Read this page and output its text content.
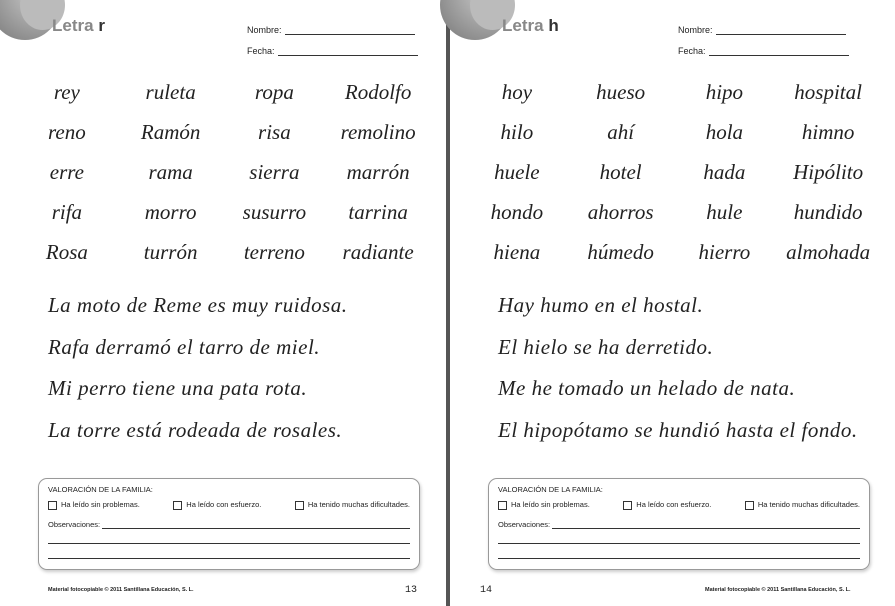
Letra r	Nombre:
Fecha:
rey	ruleta	ropa	Rodolfo
reno	Ramón	risa	remolino
erre	rama	sierra	marrón
rifa	morro	susurro	tarrina
Rosa	turrón	terreno	radiante
La moto de Reme es muy ruidosa.
Rafa derramó el tarro de miel.
Mi perro tiene una pata rota.
La torre está rodeada de rosales.
VALORACIÓN DE LA FAMILIA:
Ha leído sin problemas.	Ha leído con esfuerzo.	Ha tenido muchas dificultades.
Observaciones:
Material fotocopiable © 2011 Santillana Educación, S. L.	13
Letra h	Nombre:
Fecha:
hoy	hueso	hipo	hospital
hilo	ahí	hola	himno
huele	hotel	hada	Hipólito
hondo	ahorros	hule	hundido
hiena	húmedo	hierro	almohada
Hay humo en el hostal.
El hielo se ha derretido.
Me he tomado un helado de nata.
El hipopótamo se hundió hasta el fondo.
VALORACIÓN DE LA FAMILIA:
Ha leído sin problemas.	Ha leído con esfuerzo.	Ha tenido muchas dificultades.
Observaciones:
Material fotocopiable © 2011 Santillana Educación, S. L.
14
